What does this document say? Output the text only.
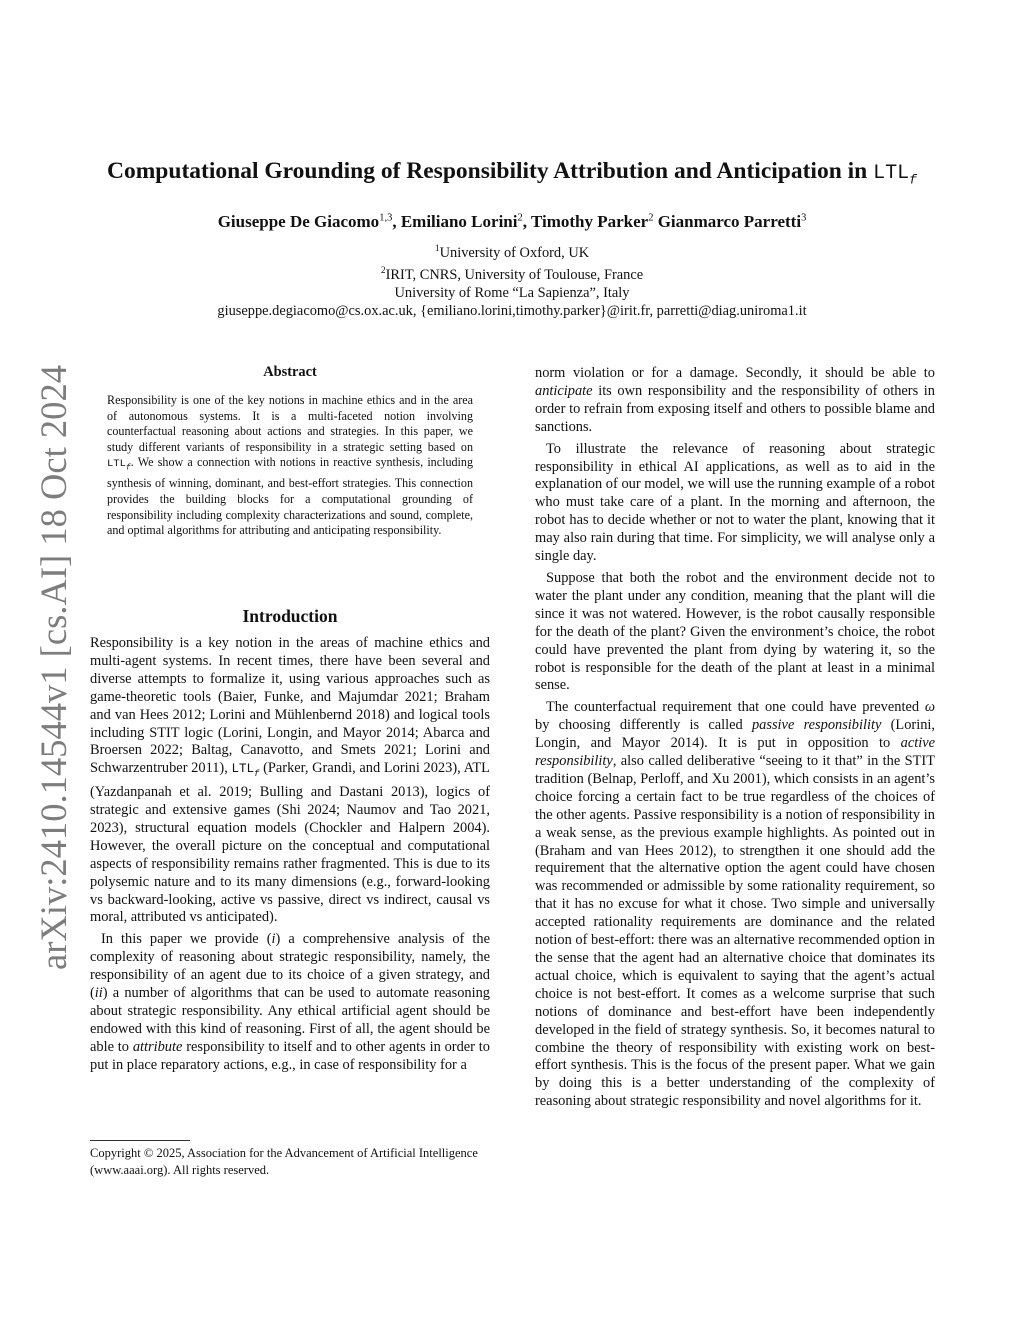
arXiv:2410.14544v1 [cs.AI] 18 Oct 2024
Computational Grounding of Responsibility Attribution and Anticipation in $LTL_f$
Giuseppe De Giacomo$^{1,3}$, Emiliano Lorini$^2$, Timothy Parker$^2$ Gianmarco Parretti$^3$
$^1$University of Oxford, UK
$^2$IRIT, CNRS, University of Toulouse, France
University of Rome “La Sapienza”, Italy
giuseppe.degiacomo@cs.ox.ac.uk, {emiliano.lorini,timothy.parker}@irit.fr, parretti@diag.uniroma1.it
Abstract

Responsibility is one of the key notions in machine ethics and in the area of autonomous systems. It is a multi-faceted notion involving counterfactual reasoning about actions and strategies. In this paper, we study different variants of responsibility in a strategic setting based on $LTL_f$. We show a connection with notions in reactive synthesis, including synthesis of winning, dominant, and best-effort strategies. This connection provides the building blocks for a computational grounding of responsibility including complexity characterizations and sound, complete, and optimal algorithms for attributing and anticipating responsibility.

Introduction

Responsibility is a key notion in the areas of machine ethics and multi-agent systems. In recent times, there have been several and diverse attempts to formalize it, using various approaches such as game-theoretic tools (Baier, Funke, and Majumdar 2021; Braham and van Hees 2012; Lorini and Mühlenbernd 2018) and logical tools including STIT logic (Lorini, Longin, and Mayor 2014; Abarca and Broersen 2022; Baltag, Canavotto, and Smets 2021; Lorini and Schwarzentruber 2011), $LTL_f$ (Parker, Grandi, and Lorini 2023), ATL (Yazdanpanah et al. 2019; Bulling and Dastani 2013), logics of strategic and extensive games (Shi 2024; Naumov and Tao 2021, 2023), structural equation models (Chockler and Halpern 2004). However, the overall picture on the conceptual and computational aspects of responsibility remains rather fragmented. This is due to its polysemic nature and to its many dimensions (e.g., forward-looking vs backward-looking, active vs passive, direct vs indirect, causal vs moral, attributed vs anticipated).

In this paper we provide (i) a comprehensive analysis of the complexity of reasoning about strategic responsibility, namely, the responsibility of an agent due to its choice of a given strategy, and (ii) a number of algorithms that can be used to automate reasoning about strategic responsibility. Any ethical artificial agent should be endowed with this kind of reasoning. First of all, the agent should be able to attribute responsibility to itself and to other agents in order to put in place reparatory actions, e.g., in case of responsibility for a

Copyright © 2025, Association for the Advancement of Artificial Intelligence (www.aaai.org). All rights reserved.

norm violation or for a damage. Secondly, it should be able to anticipate its own responsibility and the responsibility of others in order to refrain from exposing itself and others to possible blame and sanctions.

To illustrate the relevance of reasoning about strategic responsibility in ethical AI applications, as well as to aid in the explanation of our model, we will use the running example of a robot who must take care of a plant. In the morning and afternoon, the robot has to decide whether or not to water the plant, knowing that it may also rain during that time. For simplicity, we will analyse only a single day.

Suppose that both the robot and the environment decide not to water the plant under any condition, meaning that the plant will die since it was not watered. However, is the robot causally responsible for the death of the plant? Given the environment’s choice, the robot could have prevented the plant from dying by watering it, so the robot is responsible for the death of the plant at least in a minimal sense.

The counterfactual requirement that one could have prevented ω by choosing differently is called passive responsibility (Lorini, Longin, and Mayor 2014). It is put in opposition to active responsibility, also called deliberative “seeing to it that” in the STIT tradition (Belnap, Perloff, and Xu 2001), which consists in an agent’s choice forcing a certain fact to be true regardless of the choices of the other agents. Passive responsibility is a notion of responsibility in a weak sense, as the previous example highlights. As pointed out in (Braham and van Hees 2012), to strengthen it one should add the requirement that the alternative option the agent could have chosen was recommended or admissible by some rationality requirement, so that it has no excuse for what it chose. Two simple and universally accepted rationality requirements are dominance and the related notion of best-effort: there was an alternative recommended option in the sense that the agent had an alternative choice that dominates its actual choice, which is equivalent to saying that the agent’s actual choice is not best-effort. It comes as a welcome surprise that such notions of dominance and best-effort have been independently developed in the field of strategy synthesis. So, it becomes natural to combine the theory of responsibility with existing work on best-effort synthesis. This is the focus of the present paper. What we gain by doing this is a better understanding of the complexity of reasoning about strategic responsibility and novel algorithms for it.
